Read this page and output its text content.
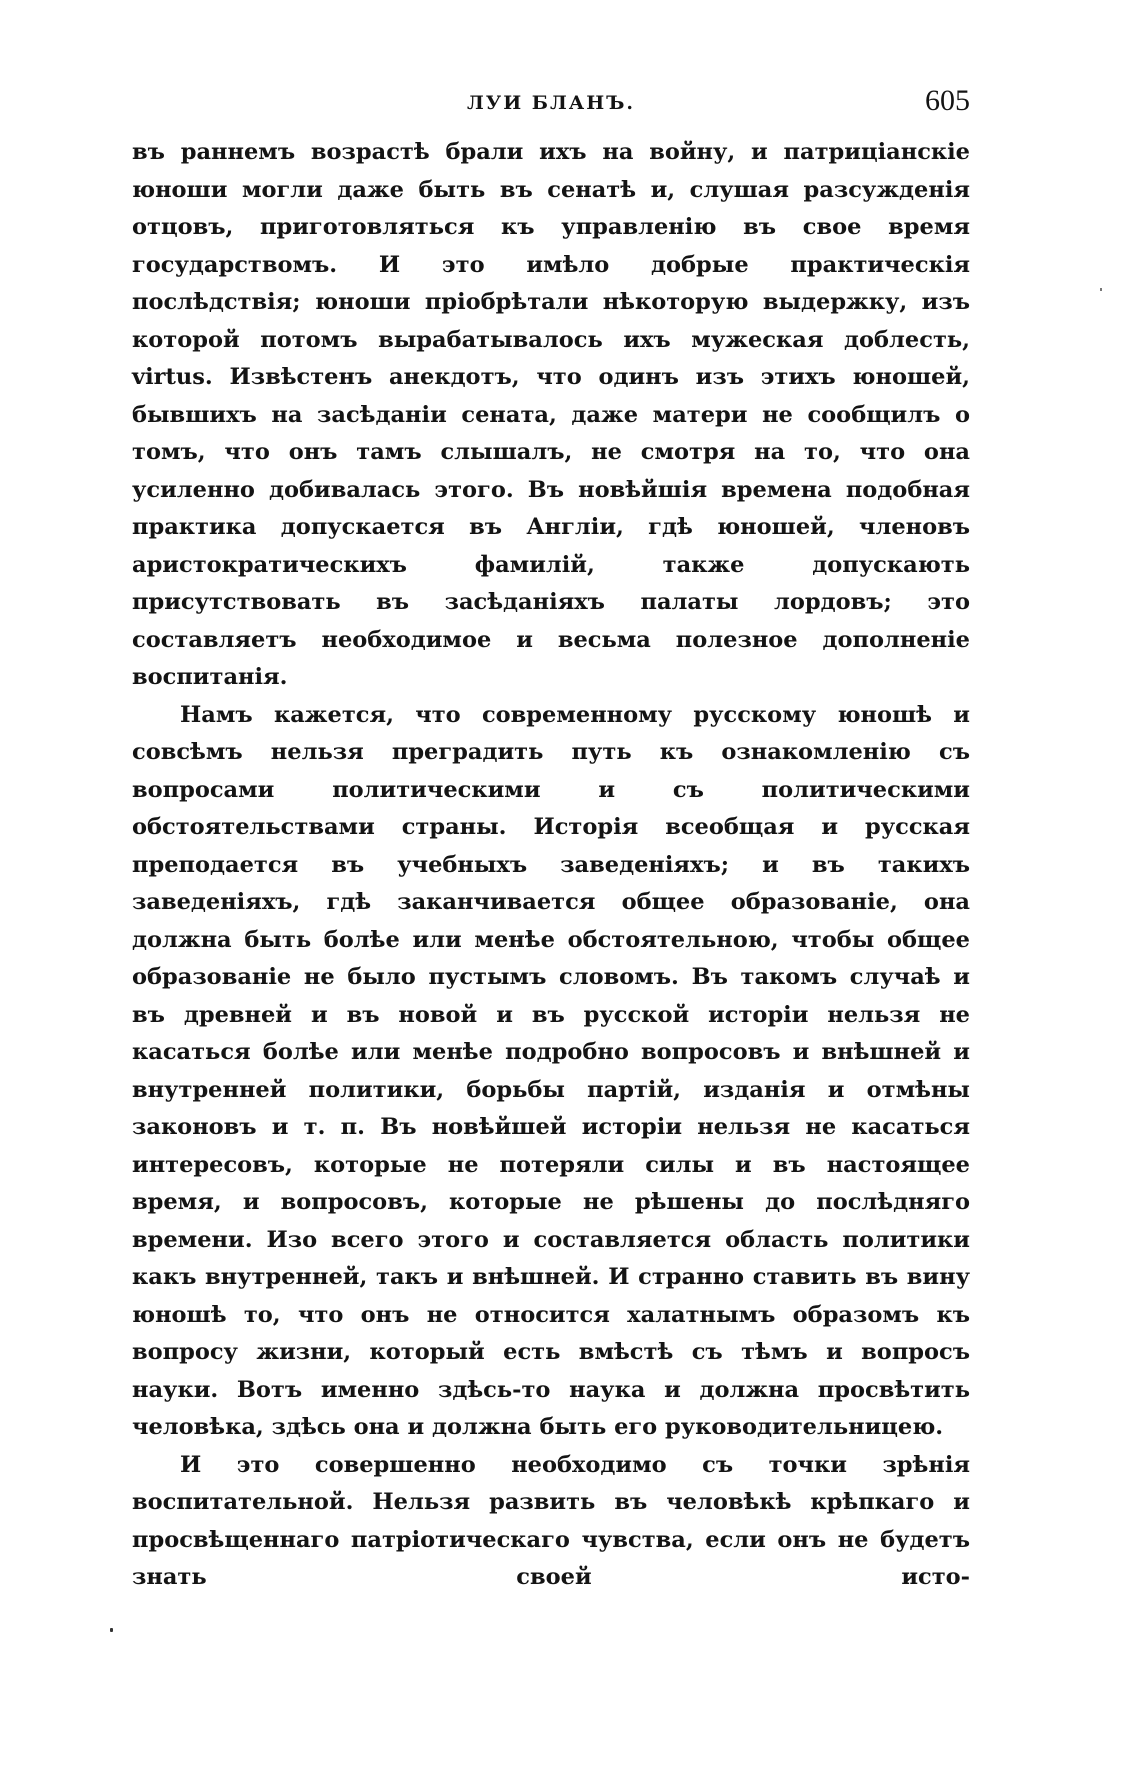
ЛУИ БЛАНЪ.	605

въ раннемъ возрастѣ брали ихъ на войну, и патриціанскіе юноши могли даже быть въ сенатѣ и, слушая разсужденія отцовъ, приготовляться къ управленію въ свое время государствомъ. И это имѣло добрые практическія послѣдствія; юноши пріобрѣтали нѣкоторую выдержку, изъ которой потомъ вырабатывалось ихъ мужеская доблесть, virtus. Извѣстенъ анекдотъ, что одинъ изъ этихъ юношей, бывшихъ на засѣданіи сената, даже матери не сообщилъ о томъ, что онъ тамъ слышалъ, не смотря на то, что она усиленно добивалась этого. Въ новѣйшія времена подобная практика допускается въ Англіи, гдѣ юношей, членовъ аристократическихъ фамилій, также допускають присутствовать въ засѣданіяхъ палаты лордовъ; это составляетъ необходимое и весьма полезное дополненіе воспитанія.

Намъ кажется, что современному русскому юношѣ и совсѣмъ нельзя преградить путь къ ознакомленію съ вопросами политическими и съ политическими обстоятельствами страны. Исторія всеобщая и русская преподается въ учебныхъ заведеніяхъ; и въ такихъ заведеніяхъ, гдѣ заканчивается общее образованіе, она должна быть болѣе или менѣе обстоятельною, чтобы общее образованіе не было пустымъ словомъ. Въ такомъ случаѣ и въ древней и въ новой и въ русской исторіи нельзя не касаться болѣе или менѣе подробно вопросовъ и внѣшней и внутренней политики, борьбы партій, изданія и отмѣны законовъ и т. п. Въ новѣйшей исторіи нельзя не касаться интересовъ, которые не потеряли силы и въ настоящее время, и вопросовъ, которые не рѣшены до послѣдняго времени. Изо всего этого и составляется область политики какъ внутренней, такъ и внѣшней. И странно ставить въ вину юношѣ то, что онъ не относится халатнымъ образомъ къ вопросу жизни, который есть вмѣстѣ съ тѣмъ и вопросъ науки. Вотъ именно здѣсь-то наука и должна просвѣтить человѣка, здѣсь она и должна быть его руководительницею.

И это совершенно необходимо съ точки зрѣнія воспитательной. Нельзя развить въ человѣкѣ крѣпкаго и просвѣщеннаго патріотическаго чувства, если онъ не будетъ знать своей исто-
